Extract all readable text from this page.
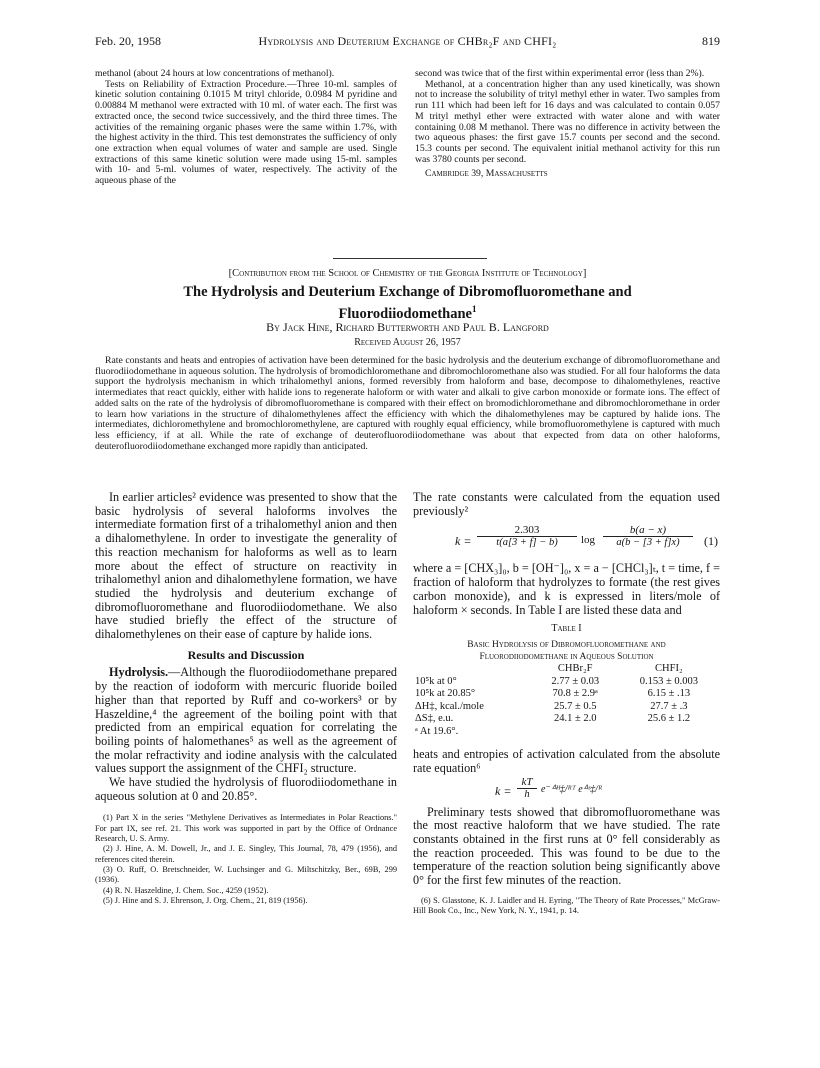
Feb. 20, 1958	Hydrolysis and Deuterium Exchange of CHBr₂F and CHFI₂	819

methanol (about 24 hours at low concentrations of methanol).

Tests on Reliability of Extraction Procedure.—Three 10-ml. samples of kinetic solution containing 0.1015 M trityl chloride, 0.0984 M pyridine and 0.00884 M methanol were extracted with 10 ml. of water each. The first was extracted once, the second twice successively, and the third three times. The activities of the remaining organic phases were the same within 1.7%, with the highest activity in the third. This test demonstrates the sufficiency of only one extraction when equal volumes of water and sample are used. Single extractions of this same kinetic solution were made using 15-ml. samples with 10- and 5-ml. volumes of water, respectively. The activity of the aqueous phase of the

second was twice that of the first within experimental error (less than 2%).

Methanol, at a concentration higher than any used kinetically, was shown not to increase the solubility of trityl methyl ether in water. Two samples from run 111 which had been left for 16 days and was calculated to contain 0.057 M trityl methyl ether were extracted with water alone and with water containing 0.08 M methanol. There was no difference in activity between the two aqueous phases: the first gave 15.7 counts per second and the second. 15.3 counts per second. The equivalent initial methanol activity for this run was 3780 counts per second.

Cambridge 39, Massachusetts

[Contribution from the School of Chemistry of the Georgia Institute of Technology]
The Hydrolysis and Deuterium Exchange of Dibromofluoromethane and
Fluorodiiodomethane$^1$
By Jack Hine, Richard Butterworth and Paul B. Langford
Received August 26, 1957
Rate constants and heats and entropies of activation have been determined for the basic hydrolysis and the deuterium exchange of dibromofluoromethane and fluorodiiodomethane in aqueous solution. The hydrolysis of bromodichloromethane and dibromochloromethane also was studied. For all four haloforms the data support the hydrolysis mechanism in which trihalomethyl anions, formed reversibly from haloform and base, decompose to dihalomethylenes, reactive intermediates that react quickly, either with halide ions to regenerate haloform or with water and alkali to give carbon monoxide or formate ions. The effect of added salts on the rate of the hydrolysis of dibromofluoromethane is compared with their effect on bromodichloromethane and dibromochloromethane in order to learn how variations in the structure of dihalomethylenes affect the efficiency with which the dihalomethylenes may be captured by halide ions. The intermediates, dichloromethylene and bromochloromethylene, are captured with roughly equal efficiency, while bromofluoromethylene is captured with much less efficiency, if at all. While the rate of exchange of deuterofluorodiiodomethane was about that expected from data on other haloforms, deuterofluorodiiodomethane exchanged more rapidly than anticipated.

In earlier articles² evidence was presented to show that the basic hydrolysis of several haloforms involves the intermediate formation first of a trihalomethyl anion and then a dihalomethylene. In order to investigate the generality of this reaction mechanism for haloforms as well as to learn more about the effect of structure on reactivity in trihalomethyl anion and dihalomethylene formation, we have studied the hydrolysis and deuterium exchange of dibromofluoromethane and fluorodiiodomethane. We also have studied briefly the effect of the structure of dihalomethylenes on their ease of capture by halide ions.

Results and Discussion

Hydrolysis.—Although the fluorodiiodomethane prepared by the reaction of iodoform with mercuric fluoride boiled higher than that reported by Ruff and co-workers³ or by Haszeldine,⁴ the agreement of the boiling point with that predicted from an empirical equation for correlating the boiling points of halomethanes⁵ as well as the agreement of the molar refractivity and iodine analysis with the calculated values support the assignment of the CHFI₂ structure.

We have studied the hydrolysis of fluorodiiodomethane in aqueous solution at 0 and 20.85°.

(1) Part X in the series "Methylene Derivatives as Intermediates in Polar Reactions." For part IX, see ref. 21. This work was supported in part by the Office of Ordnance Research, U. S. Army.

(2) J. Hine, A. M. Dowell, Jr., and J. E. Singley, This Journal, 78, 479 (1956), and references cited therein.

(3) O. Ruff, O. Bretschneider, W. Luchsinger and G. Miltschitzky, Ber., 69B, 299 (1936).

(4) R. N. Haszeldine, J. Chem. Soc., 4259 (1952).

(5) J. Hine and S. J. Ehrenson, J. Org. Chem., 21, 819 (1956).

The rate constants were calculated from the equation used previously²

$k = \frac{2.303}{t(a[3 + f] - b)}$ $\log \frac{b(a - x)}{a(b - [3 + f]x)} (1)$

where a = [CHX₃]₀, b = [OH⁻]₀, x = a − [CHCl₃]ₜ, t = time, f = fraction of haloform that hydrolyzes to formate (the rest gives carbon monoxide), and k is expressed in liters/mole of haloform × seconds. In Table I are listed these data and

Table I
Basic Hydrolysis of Dibromofluoromethane and
Fluorodiiodomethane in Aqueous Solution
	CHBr₂F	CHFI₂
10⁵k at 0°	2.77 ± 0.03	0.153 ± 0.003
10⁵k at 20.85°	70.8 ± 2.9ᵃ	6.15 ± .13
ΔH‡, kcal./mole	25.7 ± 0.5	27.7 ± .3
ΔS‡, e.u.	24.1 ± 2.0	25.6 ± 1.2
ᵃ At 19.6°.		

heats and entropies of activation calculated from the absolute rate equation⁶

$k = \frac{kT}{h}$ e⁻ᐞᴴ‡/ᴿᵀ eᐞˢ‡/ᴿ

Preliminary tests showed that dibromofluoromethane was the most reactive haloform that we have studied. The rate constants obtained in the first runs at 0° fell considerably as the reaction proceeded. This was found to be due to the temperature of the reaction solution being significantly above 0° for the first few minutes of the reaction.

(6) S. Glasstone, K. J. Laidler and H. Eyring, "The Theory of Rate Processes," McGraw-Hill Book Co., Inc., New York, N. Y., 1941, p. 14.
